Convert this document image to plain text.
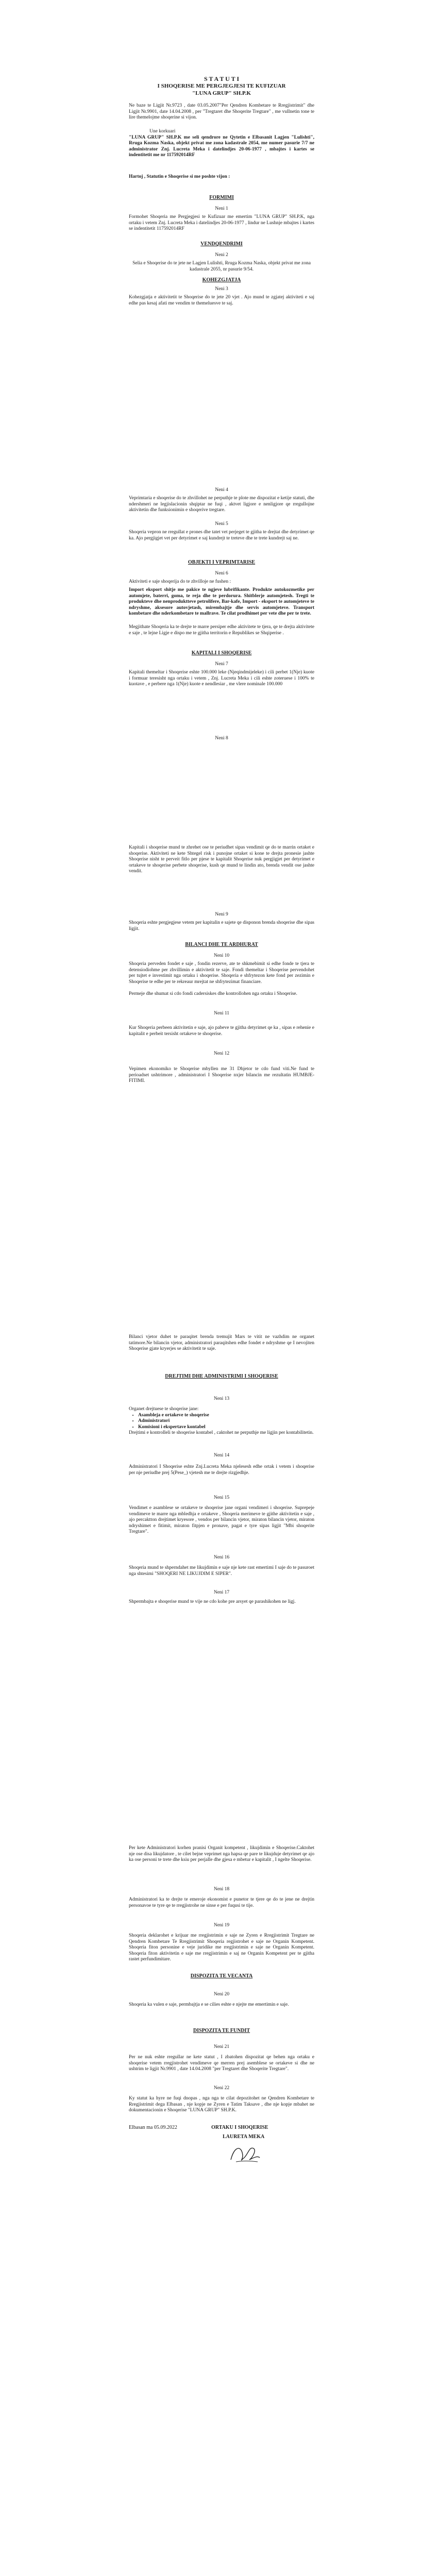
S T A T U T I
I SHOQERISE ME PERGJEGJESI TE KUFIZUAR
"LUNA GRUP" SH.P.K

Ne baze te Ligjit Nr.9723 , date 03.05.2007"Per Qendren Kombetare te Rregjistrimit" dhe Ligjit Nr.9901, date 14.04.2008 , per "Tregtaret dhe Shoqerite Tregtare" , me vullnetin tone te lire themelojme shoqerine si vijon.

Une korkuari

"LUNA GRUP" SH.P.K me seli qendrore ne Qytetin e Elbasanit Lagjen "Lulishti", Rruga Kozma Naska, objekt privat me zona kadastrale 2054, me numer pasurie 7/7 ne administrator Znj. Lucreta Meka i datelindjes 20-06-1977 , mbajtes i kartes se indentitetit me nr 117592014RF

Hartoj , Statutin e Shoqerise si me poshte vijon :

FORMIMI
Neni 1
Formohet Shoqeria me Pergjegjesi te Kufizuar me emertim "LUNA GRUP" SH.P.K, nga ortaku i vetem Znj. Lucreta Meka i datelindjes 20-06-1977 , lindur ne Lushnje mbajtes i kartes se indentitetit 117592014RF
VENDQENDRIMI
Neni 2
Selia e Shoqerise do te jete ne Lagjen Lulishti, Rruga Kozma Naska, objekt privat me zona kadastrale 2055, nr pasurie 9/54.
KOHEZGJATJA
Neni 3
Kohezgjatja e aktivitetit te Shoqerise do te jete 20 vjet . Ajo mund te zgjatej aktiviteti e saj edhe pas kesaj afati me vendim te themeluesve te saj.
Neni 4
Veprimtaria e shoqerise do te zhvillohet ne perputhje te plote me dispozitat e ketije statuti, dhe ndershmeri ne legjislacionin shqiptar ne fuqi , aktvet ligjore e nenligjore qe rregullojne aktivitetin dhe funksionimin e shoqerive tregtare.
Neni 5
Shoqeria vepron ne rregullat e prones dhe tatet vet perjeget te gjitha te drejtat dhe detyrimet qe ka. Ajo pergjigjet vet per detyrimet e saj kundrejt te treteve dhe te trete kundrejt saj ne.
OBJEKTI I VEPRIMTARISE
Neni 6
Aktiviteti e saje shoqerija do te zhvilloje ne fushen :
Import eksport shitje me pakice te ngjeve lubrifikante. Produkte autokozmetike per automjete, baterri, goma, te reja dhe te perdorura. Shitblerje automjetesh. Tregti te produkteve dhe nenproduktteve petrolifere, Bar-kafe, Import - eksport te automjeteve te ndryshme, aksesore autovjetash, mirembajtje dhe servis automjeteve. Transport kombetare dhe nderkombetare te mallrave. Te cilat prodhimet per vete dhe per te trete.
Megjithate Shoqeria ka te drejte te marre persiper edhe aktivitete te tjera, qe te drejta aktivitete e saje , te lejne Ligje e dispo me te gjitha territorin e Republikes se Shqiperise .
KAPITALI I SHOQERISE
Neni 7
Kapitali themeltar i Shoqerise eshte 100.000 leke (Njeqindmijeleke) i cili perbet 1(Nje) kuote i formuar teresisht nga ortaku i vetem , Znj. Lucreta Meka i cili eshte zoteruese i 100% te kuotave , e perbere nga 1(Nje) kuote e nendlesiar , me vlere nominale 100.000
Neni 8
Kapitali i shoqerise mund te zhrehet ose te periudhet sipas vendimit qe do te marrin ortaket e shoqerise. Aktiviteti ne kete Shtegel risk i punojne ortaket si kone te drejta pronesie jashte Shoqerise nisht te perveit fitlo per pjese te kapitalit Shoqerise nuk pergjigjet per detyrimet e ortakeve te shoqerise perbete shoqerise, kush qe mund te lindin ato, brenda vendit ose jashte vendit.
Neni 9
Shoqeria eshte pergjegjese vetem per kapitalin e sajete qe disponon brenda shoqerise dhe sipas ligjit.
BILANCI DHE TE ARDHURAT
Neni 10
Shoqeria perveden fondet e saje , fondin rezerve, ate te shkmebimit si edhe fonde te tjera te detensiodiohme per zhvillimin e aktivitetit te saje. Fondi themeltar i Shoqerise pervendohet per tujtet e investimit nga ortaku i shoqerise. Shoqeria e shfrytezon kete fond per zezimin e Shoqerise te edhe per te rekreaur mrejtat ne shfrytezimat financiare.
Permeje dhe shumat si cdo fondi cadersiskes dhe kontrollohen nga ortaku i Shoqerise.
Neni 11
Kur Shoqeria perbeen aktivitetin e saje, ajo pabeve te gjitha detyrimet qe ka , sipas e rehenie e kapitalit e perbeit tersisht ortakeve te shoqerise.
Neni 12
Vepimen ekonomiko te Shoqerise mbyllen me 31 Dhjetor te cdo fund viti.Ne fund te perioadset ushtrimore , administratori I Shoqerise nxjer bilancin me rezultatin HUMBJE- FITIMI.
Bilanci vjetor duhet te paraqitet brenda tremujit Mars te vitit ne vazhdim ne organet tatimore.Ne bilancin vjetor, administratori paraqitshen edhe fondet e ndryshme qe I nevojiten Shoqerise gjate kryerjes se aktivitetit te saje.
DREJTIMI DHE ADMINISTRIMI I SHOQERISE
Neni 13

Organet drejtuese te shoqerise jane:

• Asambleja e ortakeve te shoqerise
• Administratori
• Komisioni i ekspertave kontabel

Drejtimi e kontrolleli te shoqerise kontabel , caktohet ne perputhje me ligjin per kontabilitetin.

Neni 14
Administratori I Shoqerise eshte Znj.Lucreta Meka njelesesh edhe ortak i vetem i shoqerise per nje periudhe prej 5(Pese_) vjetesh me te drejte rizgjedhje.
Neni 15
Vendimet e asamblese se ortakeve te shoqerise jane organi vendimeri i shoqerise. Suprepeje vendimeve te marre nga mbledhja e ortakeve , Shoqeria merimeve te gjithe aktivitetin e saje , ajo percaktton drejtimet kryesore , vendos per bilancin vjetor, miraton bilancin vjetor, miraton ndryshimet e fitimit, miraton fitpjen e pronave, pagat e tyre sipas ligjit "Mbi shoqerite Tregtare".
Neni 16

Shoqeria mund te shperndahet me likujdimin e saje nje kete rast emertimi I saje do te pasuroet nga shtesimi "SHOQERI NE LIKUJDIM E SIPER".

Neni 17
Shpermbajta e shoqerise mund te vije ne cdo kohe pre arsyet qe parashikohen ne ligj.
Per kete Administratori korhen pranisi Organit kompetent , likujdimin e Shoqerise.Caktohet nje ose disa likujdatore , te cilet bejne veprimet nga hapsa qe pare te likujduje detyrimet qe ajo ka ose personi te trete dhe ksiu per perjalle dhe gjesa e mbetur e kapitalit , I ngelte Shoqerise.
Neni 18
Administratori ka te drejte te emeroje ekonomist e punetor te tjere qe do te jene ne drejtin personavoe te tyre qe te rregjistrohe ne sinse e per fuqusi te tije.
Neni 19
Shoqeria deklarohet e krijuar me rregjistrimin e saje ne Zyren e Rregjistrimit Tregtare ne Qendren Kombetare Te Rregjistrimit Shoqeria regjistrohet e saje ne Organin Kompetent. Shoqeria fiton personine e veje juridike me rregjistrimin e saje ne Organin Kompetent. Shoqeria fiton aktivitetin e saje me rregjistrimin e saj ne Organin Kompetent per te gjitha rastet perfundimitare.
DISPOZITA TE VECANTA
Neni 20
Shoqeria ka vulen e saje, permbajtja e se cilies eshte e njejte me emertimin e saje.
DISPOZITA TE FUNDIT
Neni 21
Per ne nuk eshte rregullar ne kete statut , I zbatohen dispozitat qe behen nga ortaku e shoqerise vetem rregjistrohet vendimeve qe merren prej asemblese se ortakeve si dhe ne ushtrim te ligjit Nr.9901 , date 14.04.2008 "per Tregtaret dhe Shoqerite Tregtare".
Neni 22
Ky statut ka hyre ne fuqi dnopas , nga nga te cilat depozitohet ne Qendren Kombetare te Rregjistrimit dega Elbasan , nje kopje ne Zyren e Tatim Taksave , dhe nje kopje mbahet ne dokumentacionin e Shoqerise "LUNA GRUP" SH.P.K.
Elbasan ma 05.09.2022	ORTAKU I SHOQERISE
LAURETA MEKA
